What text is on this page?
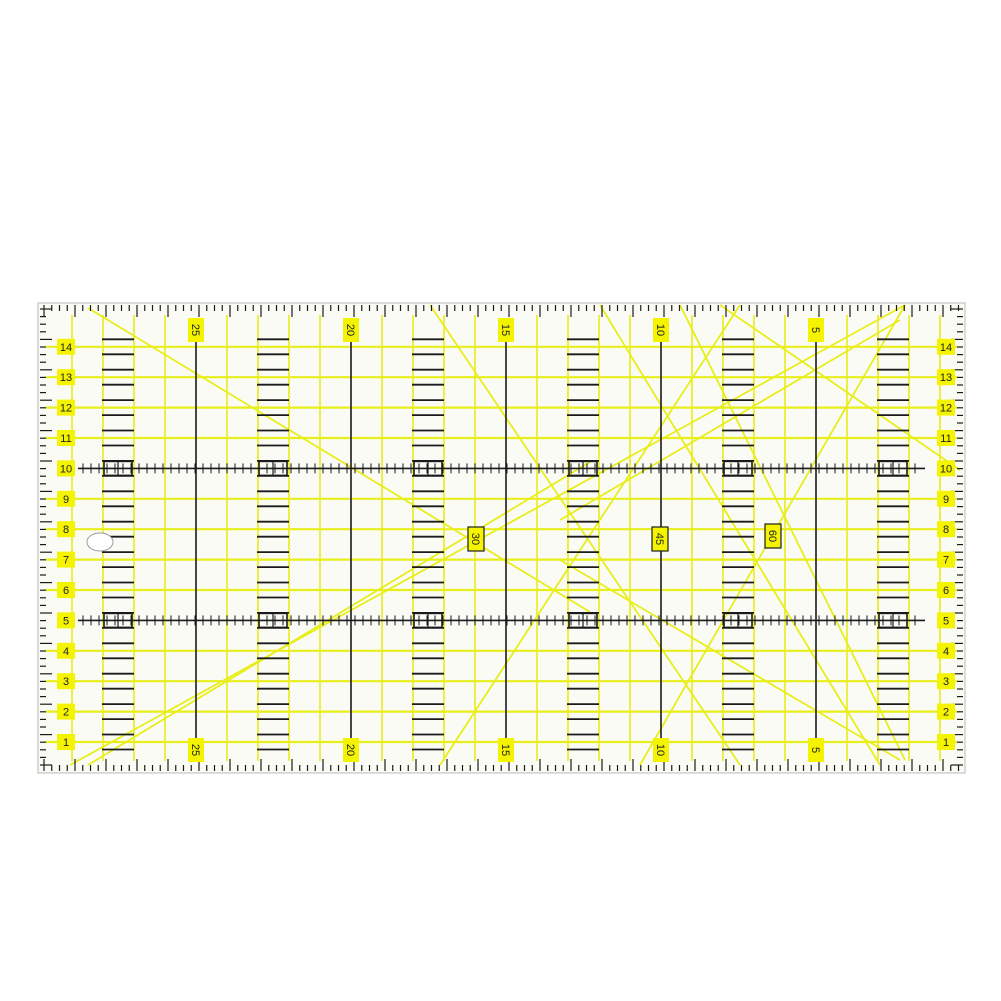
1	1
2	2
3	3
4	4
5	5
6	6
7	7
8	8
9	9
10	10
11	11
12	12
13	13
14	14
25
25
20
20
15
15
10
10
5
5
30	45	60
